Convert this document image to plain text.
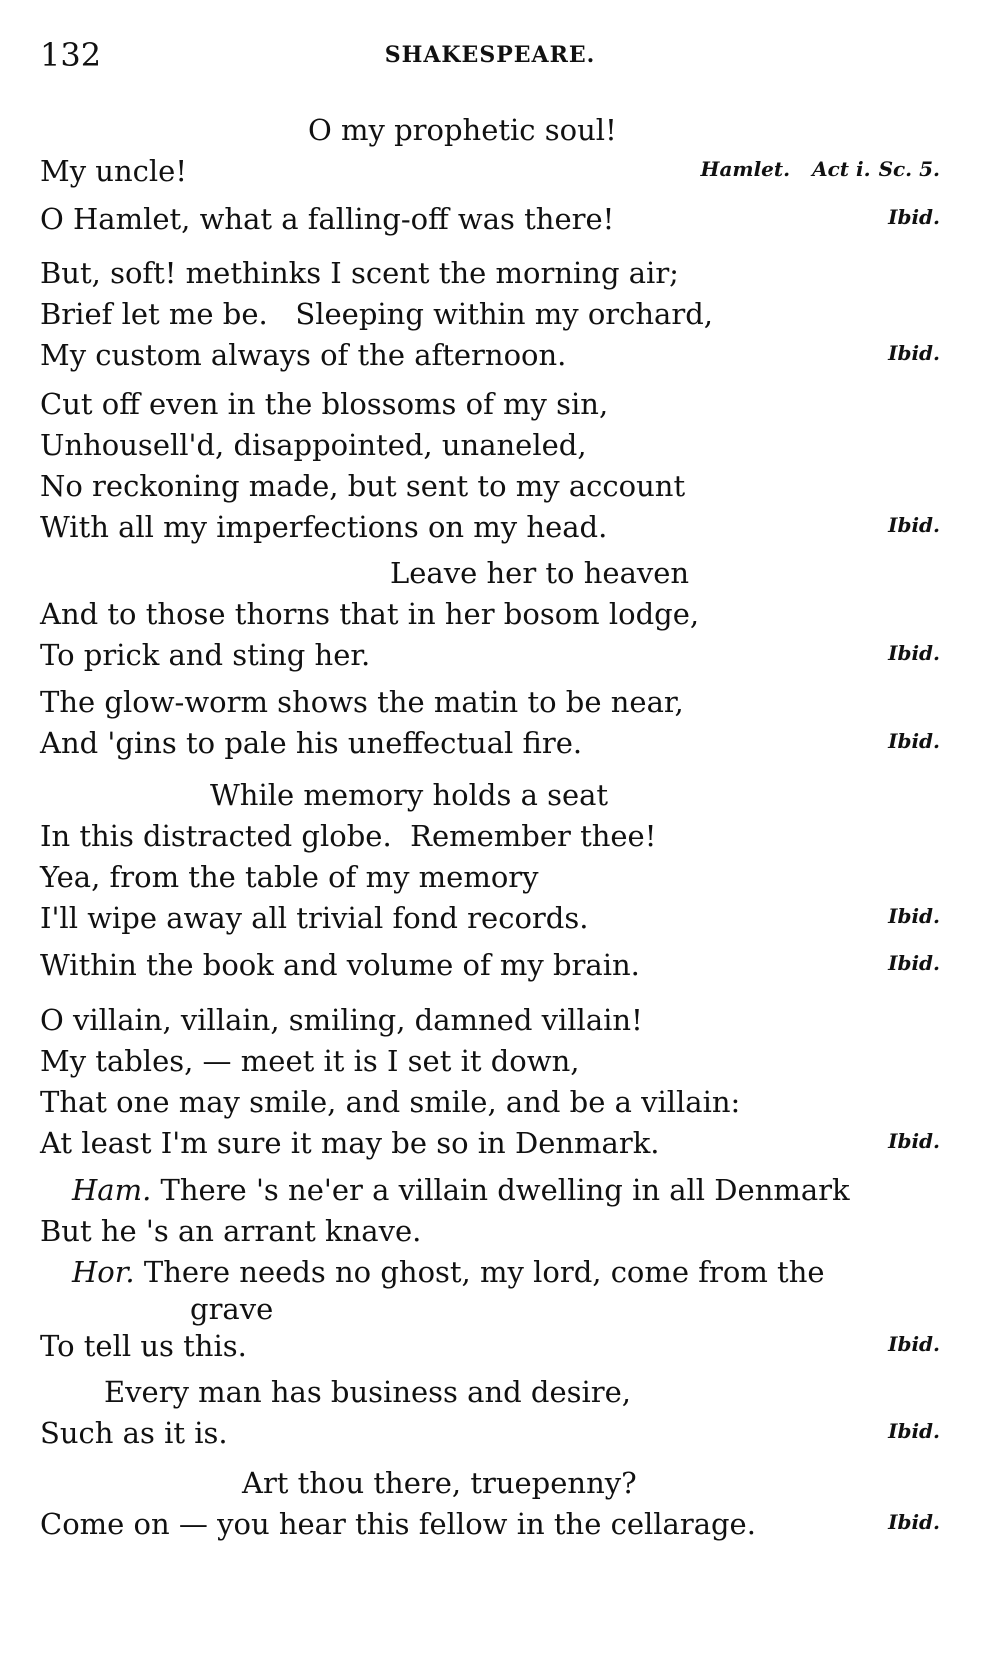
132	SHAKESPEARE.
O my prophetic soul!
My uncle!	Hamlet. Act i. Sc. 5.
O Hamlet, what a falling-off was there!	Ibid.
But, soft! methinks I scent the morning air;
Brief let me be.   Sleeping within my orchard,
My custom always of the afternoon.	Ibid.
Cut off even in the blossoms of my sin,
Unhousell'd, disappointed, unaneled,
No reckoning made, but sent to my account
With all my imperfections on my head.	Ibid.
Leave her to heaven
And to those thorns that in her bosom lodge,
To prick and sting her.	Ibid.
The glow-worm shows the matin to be near,
And 'gins to pale his uneffectual fire.	Ibid.
While memory holds a seat
In this distracted globe.  Remember thee!
Yea, from the table of my memory
I'll wipe away all trivial fond records.	Ibid.
Within the book and volume of my brain.	Ibid.
O villain, villain, smiling, damned villain!
My tables, — meet it is I set it down,
That one may smile, and smile, and be a villain:
At least I'm sure it may be so in Denmark.	Ibid.
Ham. There 's ne'er a villain dwelling in all Denmark
But he 's an arrant knave.
Hor. There needs no ghost, my lord, come from the
grave
To tell us this.	Ibid.
Every man has business and desire,
Such as it is.	Ibid.
Art thou there, truepenny?
Come on — you hear this fellow in the cellarage.	Ibid.
